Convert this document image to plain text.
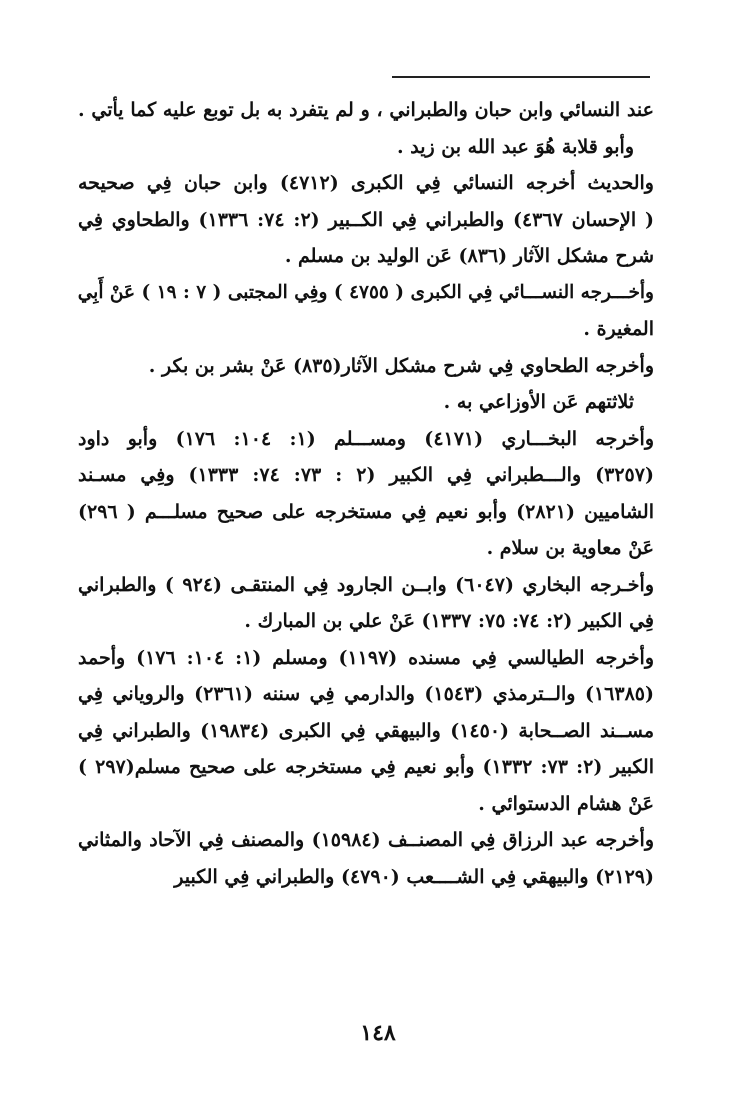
عند النسائي وابن حبان والطبراني ، و لم يتفرد به بل توبع عليه كما يأتي .
وأبو قلابة هُوَ عبد الله بن زيد .
والحديث أخرجه النسائي فِي الكبرى (٤٧١٢) وابن حبان فِي صحيحه
( الإحسان ٤٣٦٧) والطبراني فِي الكــبير (٢: ٧٤: ١٣٣٦) والطحاوي فِي
شرح مشكل الآثار (٨٣٦) عَن الوليد بن مسلم .
وأخـــرجه النســـائي فِي الكبرى ( ٤٧٥٥ ) وفِي المجتبى ( ٧ : ١٩ ) عَنْ أَبِي
المغيرة .
وأخرجه الطحاوي فِي شرح مشكل الآثار(٨٣٥) عَنْ بشر بن بكر .
ثلاثتهم عَن الأوزاعي به .
وأخرجه البخـــاري (٤١٧١) ومســـلم (١: ١٠٤: ١٧٦) وأبو داود
(٣٢٥٧) والـــطبراني فِي الكبير (٢ : ٧٣: ٧٤: ١٣٣٣) وفِي مسـند
الشاميين (٢٨٢١) وأبو نعيم فِي مستخرجه على صحيح مسلـــم ( ٢٩٦)
عَنْ معاوية بن سلام .
وأخـرجه البخاري (٦٠٤٧) وابــن الجارود فِي المنتقـى (٩٢٤ ) والطبراني
فِي الكبير (٢: ٧٤: ٧٥: ١٣٣٧) عَنْ علي بن المبارك .
وأخرجه الطيالسي فِي مسنده (١١٩٧) ومسلم (١: ١٠٤: ١٧٦) وأحمد
(١٦٣٨٥) والــترمذي (١٥٤٣) والدارمي فِي سننه (٢٣٦١) والروياني فِي
مســند الصــحابة (١٤٥٠) والبيهقي فِي الكبرى (١٩٨٣٤) والطبراني فِي
الكبير (٢: ٧٣: ١٣٣٢) وأبو نعيم فِي مستخرجه على صحيح مسلم(٢٩٧ )
عَنْ هشام الدستوائي .
وأخرجه عبد الرزاق فِي المصنــف (١٥٩٨٤) والمصنف فِي الآحاد والمثاني
(٢١٢٩) والبيهقي فِي الشــــعب (٤٧٩٠) والطبراني فِي الكبير
١٤٨
